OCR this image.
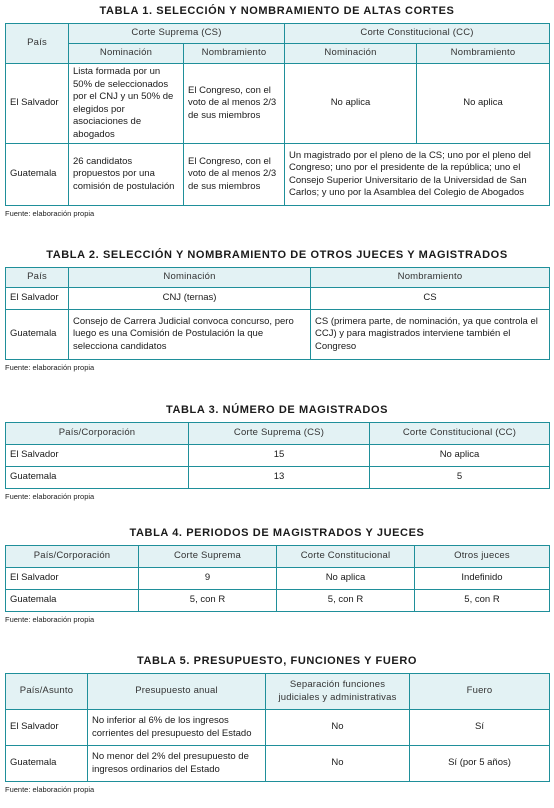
TABLA 1. SELECCIÓN Y NOMBRAMIENTO DE ALTAS CORTES
País	Corte Suprema (CS)		Corte Constitucional (CC)	
	Nominación	Nombramiento	Nominación	Nombramiento
El Salvador	Lista formada por un 50% de seleccionados por el CNJ y un 50% de elegidos por asociaciones de abogados	El Congreso, con el voto de al menos 2/3 de sus miembros	No aplica	No aplica
Guatemala	26 candidatos propuestos por una comisión de postulación	El Congreso, con el voto de al menos 2/3 de sus miembros	Un magistrado por el pleno de la CS; uno por el pleno del Congreso; uno por el presidente de la república; uno el Consejo Superior Universitario de la Universidad de San Carlos; y uno por la Asamblea del Colegio de Abogados	
Fuente: elaboración propia
TABLA 2. SELECCIÓN Y NOMBRAMIENTO DE OTROS JUECES Y MAGISTRADOS
País	Nominación	Nombramiento
El Salvador	CNJ (ternas)	CS
Guatemala	Consejo de Carrera Judicial convoca concurso, pero luego es una Comisión de Postulación la que selecciona candidatos	CS (primera parte, de nominación, ya que controla el CCJ) y para magistrados interviene también el Congreso
Fuente: elaboración propia
TABLA 3. NÚMERO DE MAGISTRADOS
País/Corporación	Corte Suprema (CS)	Corte Constitucional (CC)
El Salvador	15	No aplica
Guatemala	13	5
Fuente: elaboración propia
TABLA 4. PERIODOS DE MAGISTRADOS Y JUECES
País/Corporación	Corte Suprema	Corte Constitucional	Otros jueces
El Salvador	9	No aplica	Indefinido
Guatemala	5, con R	5, con R	5, con R
Fuente: elaboración propia
TABLA 5. PRESUPUESTO, FUNCIONES Y FUERO
País/Asunto	Presupuesto anual	Separación funciones judiciales y administrativas	Fuero
El Salvador	No inferior al 6% de los ingresos corrientes del presupuesto del Estado	No	Sí
Guatemala	No menor del 2% del presupuesto de ingresos ordinarios del Estado	No	Sí (por 5 años)
Fuente: elaboración propia
